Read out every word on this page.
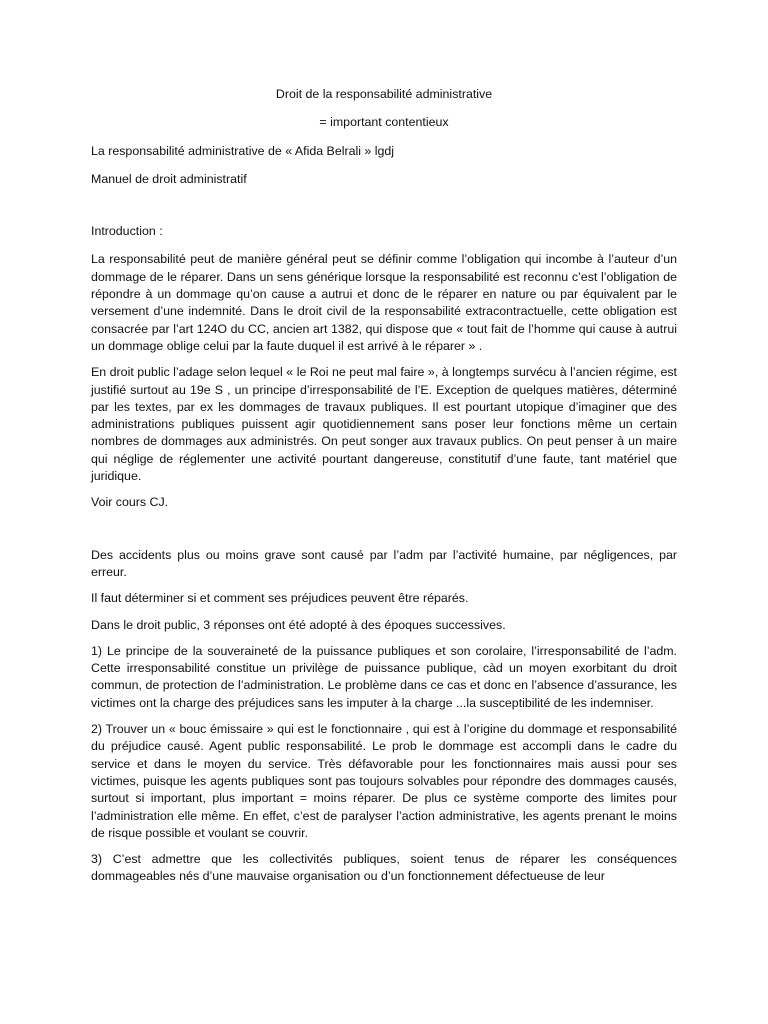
Droit de la responsabilité administrative

= important contentieux

La responsabilité administrative de « Afida Belrali » lgdj

Manuel de droit administratif

Introduction :

La responsabilité peut de manière général peut se définir comme l’obligation qui incombe à l’auteur d’un dommage de le réparer. Dans un sens générique lorsque la responsabilité est reconnu c’est l’obligation de répondre à un dommage qu’on cause a autrui et donc de le réparer en nature ou par équivalent par le versement d’une indemnité. Dans le droit civil de la responsabilité extracontractuelle, cette obligation est consacrée par l’art 124O du CC, ancien art 1382, qui dispose que « tout fait de l’homme qui cause à autrui un dommage oblige celui par la faute duquel il est arrivé à le réparer » .

En droit public l’adage selon lequel « le Roi ne peut mal faire », à longtemps survécu à l’ancien régime, est justifié surtout au 19e S , un principe d’irresponsabilité de l’E. Exception de quelques matières, déterminé par les textes, par ex les dommages de travaux publiques. Il est pourtant utopique d’imaginer que des administrations publiques puissent agir quotidiennement sans poser leur fonctions même un certain nombres de dommages aux administrés. On peut songer aux travaux publics. On peut penser à un maire qui néglige de réglementer une activité pourtant dangereuse, constitutif d’une faute, tant matériel que juridique.

Voir cours CJ.

Des accidents plus ou moins grave sont causé par l’adm par l’activité humaine, par négligences, par erreur.

Il faut déterminer si et comment ses préjudices peuvent être réparés.

Dans le droit public, 3 réponses ont été adopté à des époques successives.

1) Le principe de la souveraineté de la puissance publiques et son corolaire, l’irresponsabilité de l’adm. Cette irresponsabilité constitue un privilège de puissance publique, càd un moyen exorbitant du droit commun, de protection de l’administration. Le problème dans ce cas et donc en l’absence d’assurance, les victimes ont la charge des préjudices sans les imputer à la charge ...la susceptibilité de les indemniser.

2) Trouver un « bouc émissaire » qui est le fonctionnaire , qui est à l’origine du dommage et responsabilité du préjudice causé. Agent public responsabilité. Le prob le dommage est accompli dans le cadre du service et dans le moyen du service. Très défavorable pour les fonctionnaires mais aussi pour ses victimes, puisque les agents publiques sont pas toujours solvables pour répondre des dommages causés, surtout si important, plus important = moins réparer. De plus ce système comporte des limites pour l’administration elle même. En effet, c’est de paralyser l’action administrative, les agents prenant le moins de risque possible et voulant se couvrir.

3) C’est admettre que les collectivités publiques, soient tenus de réparer les conséquences dommageables nés d’une mauvaise organisation ou d’un fonctionnement défectueuse de leur
